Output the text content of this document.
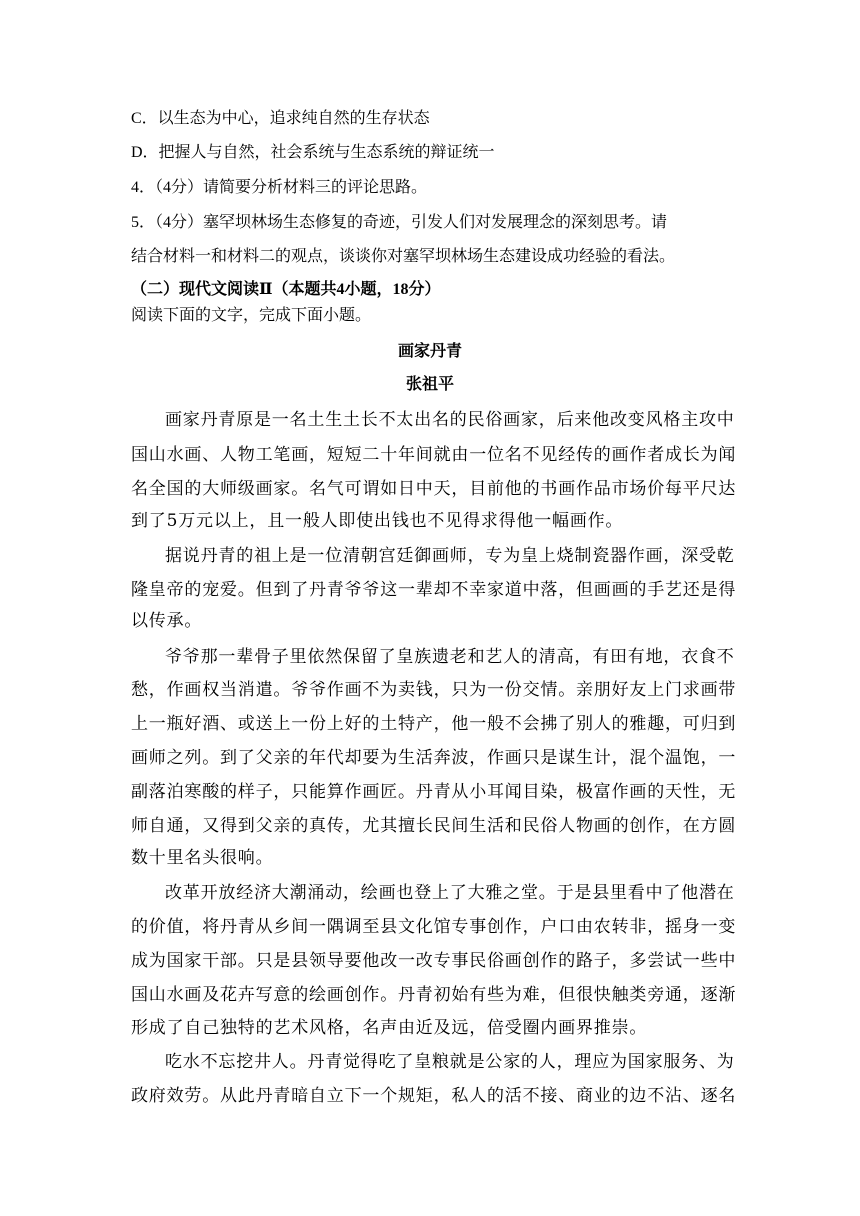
C．以生态为中心，追求纯自然的生存状态
D．把握人与自然，社会系统与生态系统的辩证统一
4．（4分）请简要分析材料三的评论思路。
5．（4分）塞罕坝林场生态修复的奇迹，引发人们对发展理念的深刻思考。请
结合材料一和材料二的观点，谈谈你对塞罕坝林场生态建设成功经验的看法。
（二）现代文阅读Ⅱ（本题共4小题，18分）
阅读下面的文字，完成下面小题。
画家丹青
张祖平
画家丹青原是一名土生土长不太出名的民俗画家，后来他改变风格主攻中
国山水画、人物工笔画，短短二十年间就由一位名不见经传的画作者成长为闻
名全国的大师级画家。名气可谓如日中天，目前他的书画作品市场价每平尺达
到了5万元以上，且一般人即使出钱也不见得求得他一幅画作。
据说丹青的祖上是一位清朝宫廷御画师，专为皇上烧制瓷器作画，深受乾
隆皇帝的宠爱。但到了丹青爷爷这一辈却不幸家道中落，但画画的手艺还是得
以传承。
爷爷那一辈骨子里依然保留了皇族遗老和艺人的清高，有田有地，衣食不
愁，作画权当消遣。爷爷作画不为卖钱，只为一份交情。亲朋好友上门求画带
上一瓶好酒、或送上一份上好的土特产，他一般不会拂了别人的雅趣，可归到
画师之列。到了父亲的年代却要为生活奔波，作画只是谋生计，混个温饱，一
副落泊寒酸的样子，只能算作画匠。丹青从小耳闻目染，极富作画的天性，无
师自通，又得到父亲的真传，尤其擅长民间生活和民俗人物画的创作，在方圆
数十里名头很响。
改革开放经济大潮涌动，绘画也登上了大雅之堂。于是县里看中了他潜在
的价值，将丹青从乡间一隅调至县文化馆专事创作，户口由农转非，摇身一变
成为国家干部。只是县领导要他改一改专事民俗画创作的路子，多尝试一些中
国山水画及花卉写意的绘画创作。丹青初始有些为难，但很快触类旁通，逐渐
形成了自己独特的艺术风格，名声由近及远，倍受圈内画界推崇。
吃水不忘挖井人。丹青觉得吃了皇粮就是公家的人，理应为国家服务、为
政府效劳。从此丹青暗自立下一个规矩，私人的活不接、商业的边不沾、逐名
